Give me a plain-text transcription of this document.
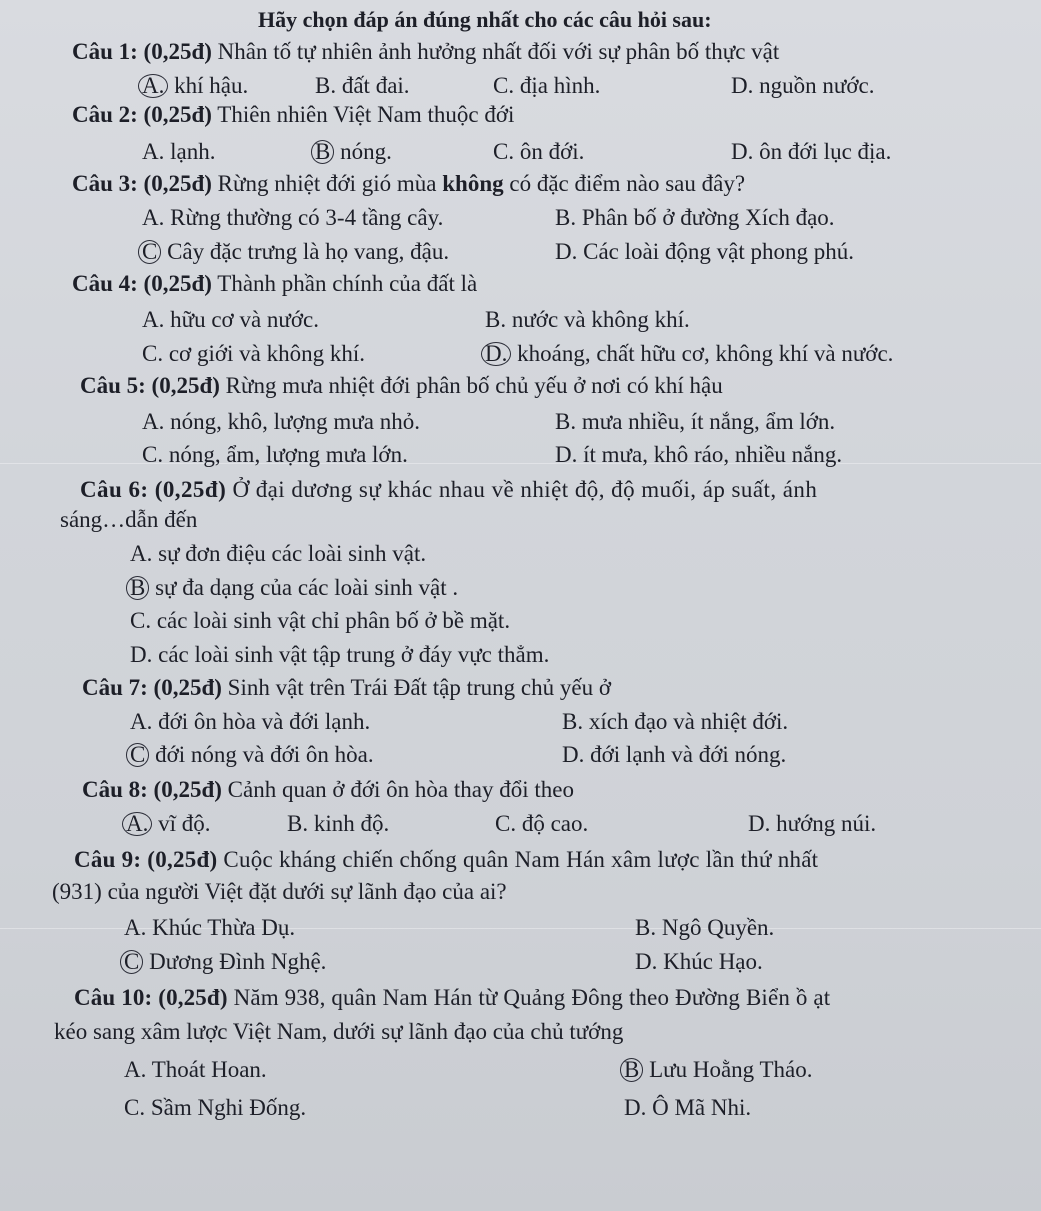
Hãy chọn đáp án đúng nhất cho các câu hỏi sau:
Câu 1: (0,25đ) Nhân tố tự nhiên ảnh hưởng nhất đối với sự phân bố thực vật
A. khí hậu.	B. đất đai.	C. địa hình.	D. nguồn nước.
Câu 2: (0,25đ) Thiên nhiên Việt Nam thuộc đới
A. lạnh.	B nóng.	C. ôn đới.	D. ôn đới lục địa.
Câu 3: (0,25đ) Rừng nhiệt đới gió mùa không có đặc điểm nào sau đây?
A. Rừng thường có 3-4 tầng cây.	B. Phân bố ở đường Xích đạo.
C Cây đặc trưng là họ vang, đậu.	D. Các loài động vật phong phú.
Câu 4: (0,25đ) Thành phần chính của đất là
A. hữu cơ và nước.	B. nước và không khí.
C. cơ giới và không khí.	D. khoáng, chất hữu cơ, không khí và nước.
Câu 5: (0,25đ) Rừng mưa nhiệt đới phân bố chủ yếu ở nơi có khí hậu
A. nóng, khô, lượng mưa nhỏ.	B. mưa nhiều, ít nắng, ẩm lớn.
C. nóng, ẩm, lượng mưa lớn.	D. ít mưa, khô ráo, nhiều nắng.
Câu 6: (0,25đ) Ở đại dương sự khác nhau về nhiệt độ, độ muối, áp suất, ánh
sáng…dẫn đến
A. sự đơn điệu các loài sinh vật.
B sự đa dạng của các loài sinh vật .
C. các loài sinh vật chỉ phân bố ở bề mặt.
D. các loài sinh vật tập trung ở đáy vực thẳm.
Câu 7: (0,25đ) Sinh vật trên Trái Đất tập trung chủ yếu ở
A. đới ôn hòa và đới lạnh.	B. xích đạo và nhiệt đới.
C đới nóng và đới ôn hòa.	D. đới lạnh và đới nóng.
Câu 8: (0,25đ) Cảnh quan ở đới ôn hòa thay đổi theo
A. vĩ độ.	B. kinh độ.	C. độ cao.	D. hướng núi.
Câu 9: (0,25đ) Cuộc kháng chiến chống quân Nam Hán xâm lược lần thứ nhất
(931) của người Việt đặt dưới sự lãnh đạo của ai?
A. Khúc Thừa Dụ.	B. Ngô Quyền.
C Dương Đình Nghệ.	D. Khúc Hạo.
Câu 10: (0,25đ) Năm 938, quân Nam Hán từ Quảng Đông theo Đường Biển ồ ạt
kéo sang xâm lược Việt Nam, dưới sự lãnh đạo của chủ tướng
A. Thoát Hoan.	B Lưu Hoằng Tháo.
C. Sầm Nghi Đống.	D. Ô Mã Nhi.
